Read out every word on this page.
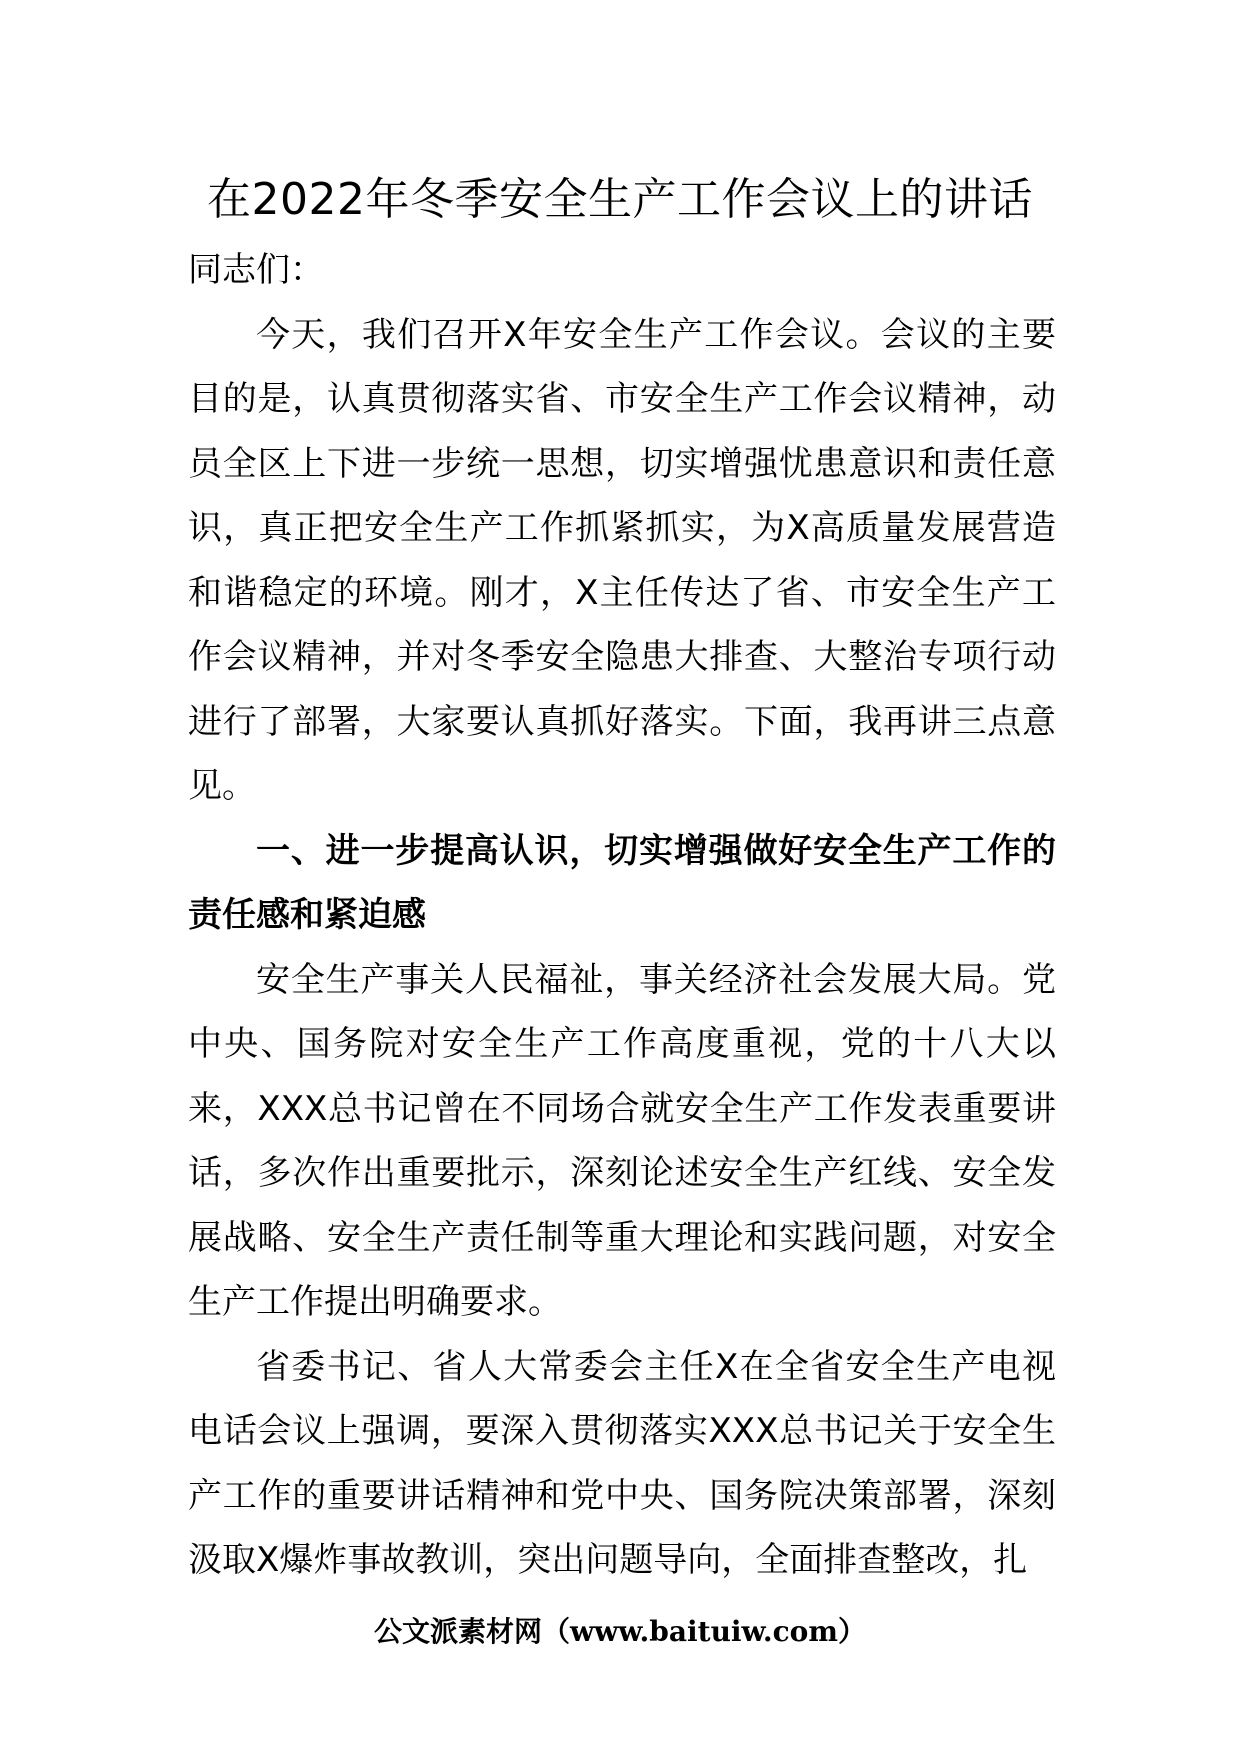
在2022年冬季安全生产工作会议上的讲话

同志们：

今天，我们召开X年安全生产工作会议。会议的主要目的是，认真贯彻落实省、市安全生产工作会议精神，动员全区上下进一步统一思想，切实增强忧患意识和责任意识，真正把安全生产工作抓紧抓实，为X高质量发展营造和谐稳定的环境。刚才，X主任传达了省、市安全生产工作会议精神，并对冬季安全隐患大排查、大整治专项行动进行了部署，大家要认真抓好落实。下面，我再讲三点意见。

一、进一步提高认识，切实增强做好安全生产工作的责任感和紧迫感

安全生产事关人民福祉，事关经济社会发展大局。党中央、国务院对安全生产工作高度重视，党的十八大以来，XXX总书记曾在不同场合就安全生产工作发表重要讲话，多次作出重要批示，深刻论述安全生产红线、安全发展战略、安全生产责任制等重大理论和实践问题，对安全生产工作提出明确要求。

省委书记、省人大常委会主任X在全省安全生产电视电话会议上强调，要深入贯彻落实XXX总书记关于安全生产工作的重要讲话精神和党中央、国务院决策部署，深刻汲取X爆炸事故教训，突出问题导向，全面排查整改，扎

公文派素材网（www.baituiw.com）
